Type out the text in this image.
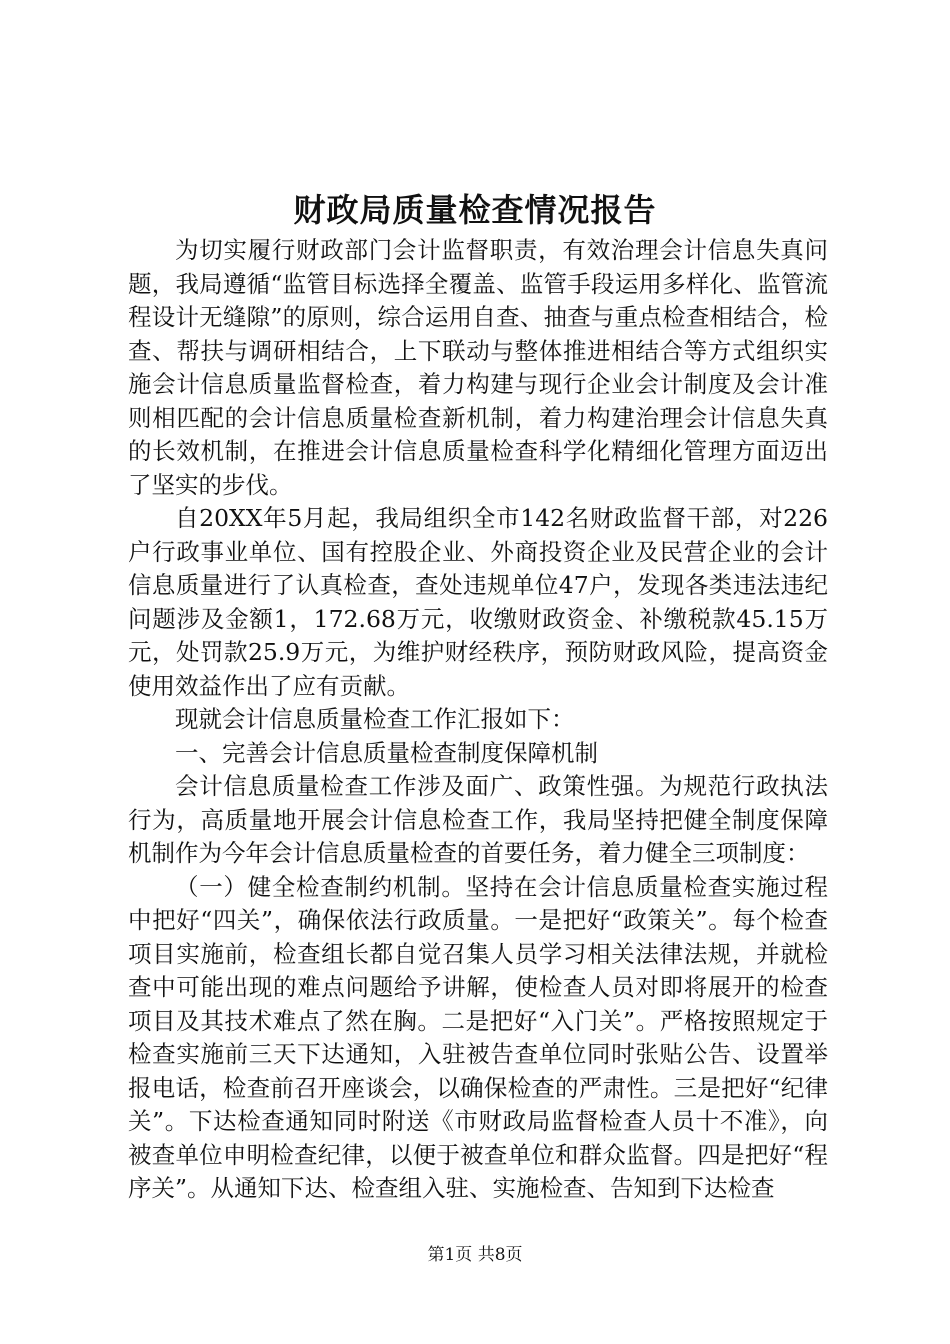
财政局质量检查情况报告

为切实履行财政部门会计监督职责，有效治理会计信息失真问题，我局遵循“监管目标选择全覆盖、监管手段运用多样化、监管流程设计无缝隙”的原则，综合运用自查、抽查与重点检查相结合，检查、帮扶与调研相结合，上下联动与整体推进相结合等方式组织实施会计信息质量监督检查，着力构建与现行企业会计制度及会计准则相匹配的会计信息质量检查新机制，着力构建治理会计信息失真的长效机制，在推进会计信息质量检查科学化精细化管理方面迈出了坚实的步伐。

自20XX年5月起，我局组织全市142名财政监督干部，对226户行政事业单位、国有控股企业、外商投资企业及民营企业的会计信息质量进行了认真检查，查处违规单位47户，发现各类违法违纪问题涉及金额1，172.68万元，收缴财政资金、补缴税款45.15万元，处罚款25.9万元，为维护财经秩序，预防财政风险，提高资金使用效益作出了应有贡献。

现就会计信息质量检查工作汇报如下：

一、完善会计信息质量检查制度保障机制

会计信息质量检查工作涉及面广、政策性强。为规范行政执法行为，高质量地开展会计信息检查工作，我局坚持把健全制度保障机制作为今年会计信息质量检查的首要任务，着力健全三项制度：

（一）健全检查制约机制。坚持在会计信息质量检查实施过程中把好“四关”，确保依法行政质量。一是把好“政策关”。每个检查项目实施前，检查组长都自觉召集人员学习相关法律法规，并就检查中可能出现的难点问题给予讲解，使检查人员对即将展开的检查项目及其技术难点了然在胸。二是把好“入门关”。严格按照规定于检查实施前三天下达通知，入驻被告查单位同时张贴公告、设置举报电话，检查前召开座谈会，以确保检查的严肃性。三是把好“纪律关”。下达检查通知同时附送《市财政局监督检查人员十不准》，向被查单位申明检查纪律，以便于被查单位和群众监督。四是把好“程序关”。从通知下达、检查组入驻、实施检查、告知到下达检查

第1页 共8页
